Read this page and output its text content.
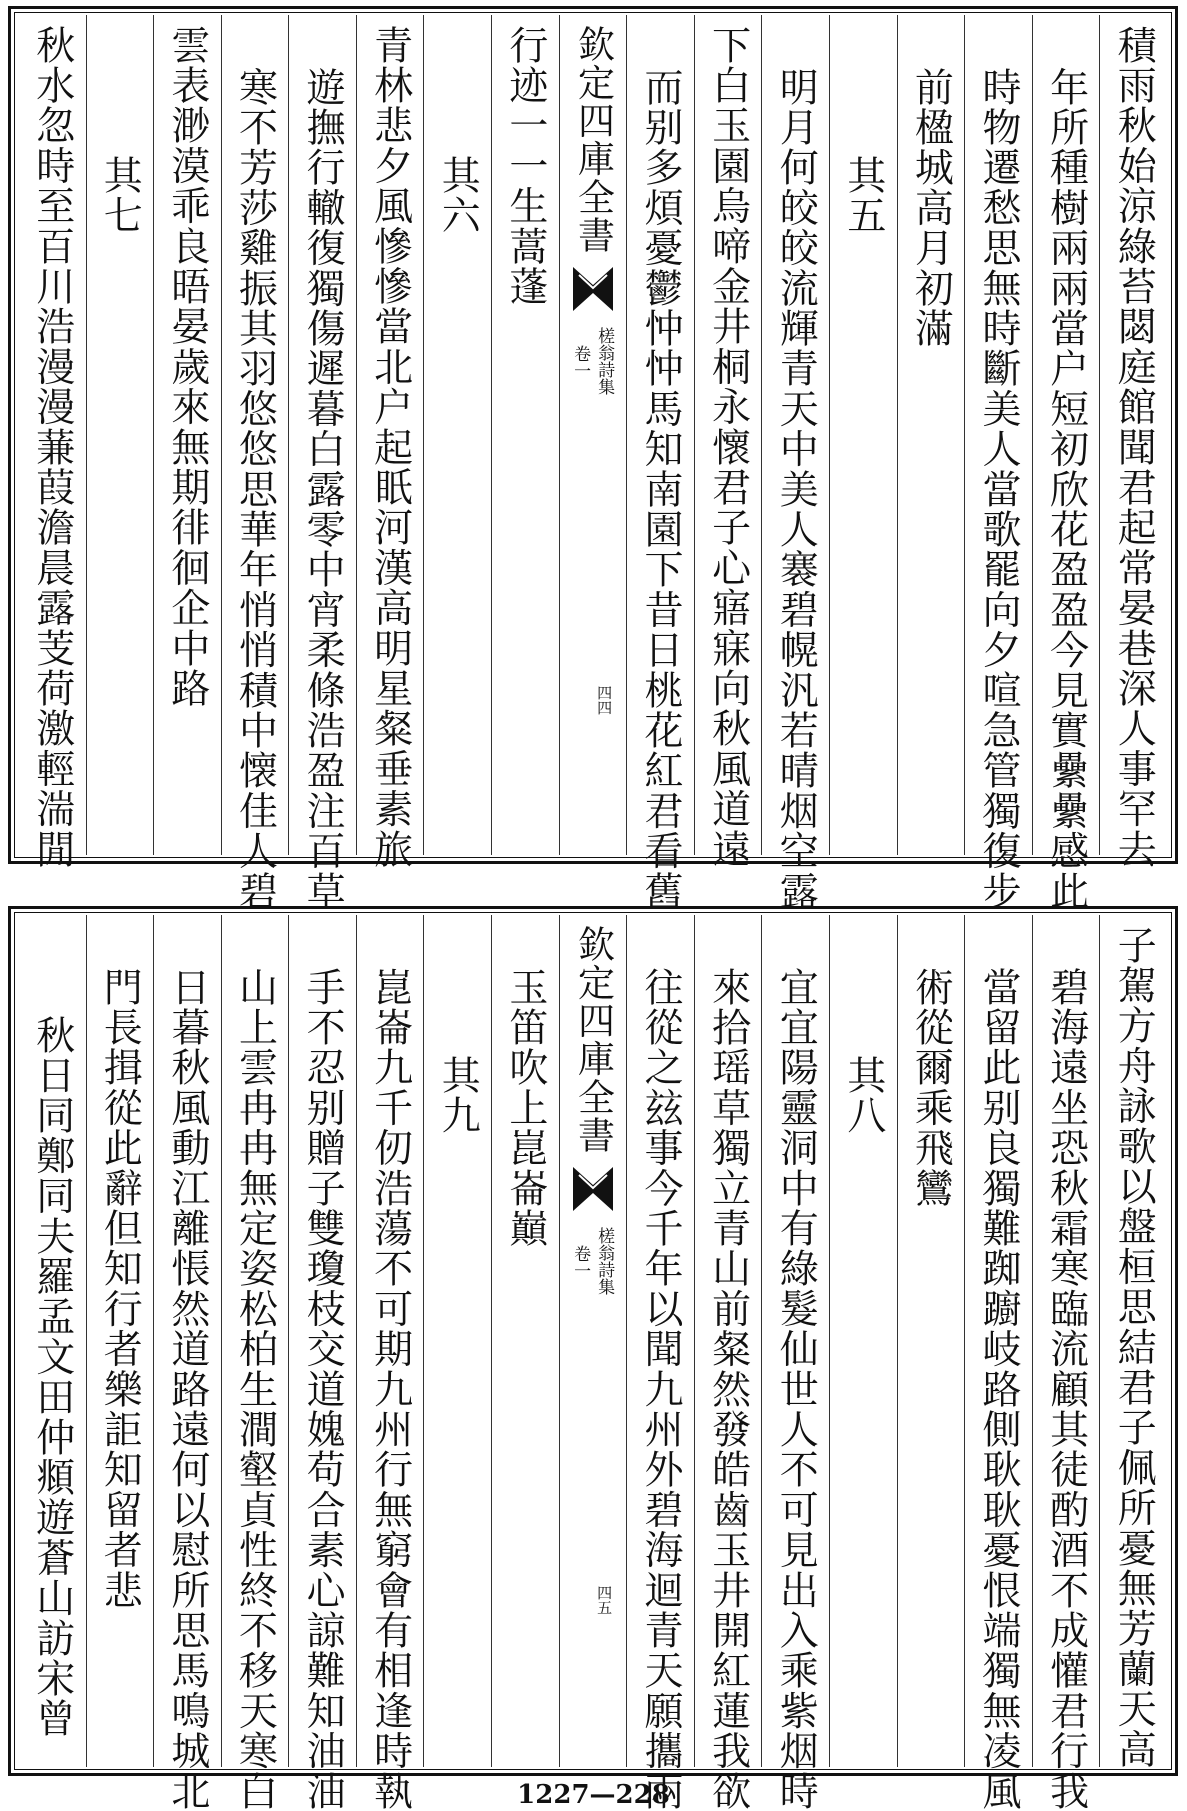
積雨秋始涼綠苔閟庭館聞君起常晏巷深人事罕去
年所種樹兩兩當户短初欣花盈盈今見實纍纍感此
時物遷愁思無時斷美人當歌罷向夕喧急管獨復步
前楹城高月初滿
其五
明月何皎皎流輝青天中美人褰碧幌汎若晴烟空露
下白玉園烏啼金井桐永懷君子心寤寐向秋風道遠
而别多煩憂鬱忡忡馬知南園下昔日桃花紅君看舊
欽定四庫全書
槎翁詩集
卷一
四四
行迹一一生蒿蓬
其六
青林悲夕風慘慘當北户起眂河漢高明星粲垂素旅
遊撫行轍復獨傷遲暮白露零中宵柔條浩盈注百草
寒不芳莎雞振其羽悠悠思華年悄悄積中懐佳人碧
雲表渺漠乖良晤晏歲來無期徘徊企中路
其七
秋水忽時至百川浩漫漫蒹葭澹晨露芰荷激輕湍閒
子駕方舟詠歌以盤桓思結君子佩所憂無芳蘭天高
碧海遠坐恐秋霜寒臨流顧其徒酌酒不成懽君行我
當留此别良獨難踟躕岐路側耿耿憂恨端獨無凌風
術從爾乘飛鸞
其八
宜宜陽靈洞中有綠髮仙世人不可見出入乘紫烟時
來拾瑶草獨立青山前粲然發皓齒玉井開紅蓮我欲
往從之玆事今千年以聞九州外碧海迴青天願攜兩
欽定四庫全書
槎翁詩集
卷一
四五
玉笛吹上崑崙巔
其九
崑崙九千仞浩蕩不可期九州行無窮會有相逢時執
手不忍别贈子雙瓊枝交道媿苟合素心諒難知油油
山上雲冉冉無定姿松柏生澗壑貞性終不移天寒白
日暮秋風動江離悵然道路遠何以慰所思馬鳴城北
門長揖從此辭但知行者樂詎知留者悲
秋日同鄭同夫羅孟文田仲頫遊蒼山訪宋曾
1227—228
